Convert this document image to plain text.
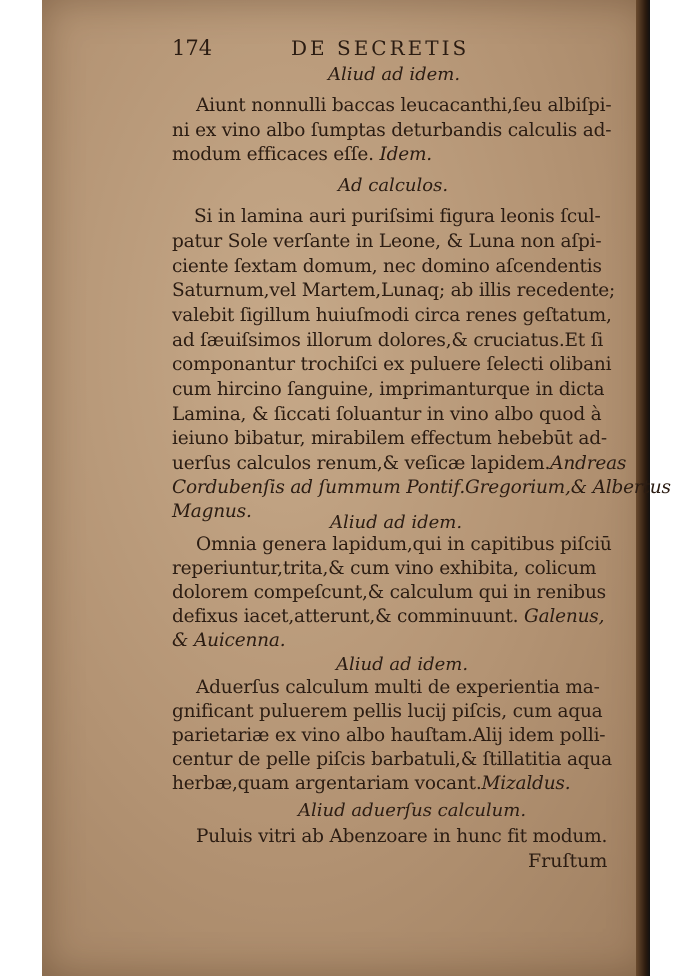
174	DE SECRETIS
Aliud ad idem.
Aiunt nonnulli baccas leucacanthi,ſeu albiſpi-
ni ex vino albo ſumptas deturbandis calculis ad-
modum efficaces eſſe. Idem.
Ad calculos.
Si in lamina auri puriſsimi figura leonis ſcul-
patur Sole verſante in Leone, & Luna non aſpi-
ciente ſextam domum, nec domino aſcendentis
Saturnum,vel Martem,Lunaq; ab illis recedente;
valebit ſigillum huiuſmodi circa renes geſtatum,
ad ſæuiſsimos illorum dolores,& cruciatus.Et ſi
componantur trochiſci ex puluere ſelecti olibani
cum hircino ſanguine, imprimanturque in dicta
Lamina, & ſiccati ſoluantur in vino albo quod à
ieiuno bibatur, mirabilem effectum hebebūt ad-
uerſus calculos renum,& veſicæ lapidem.Andreas
Cordubenſis ad ſummum Pontif.Gregorium,& Albertus
Magnus.
Aliud ad idem.
Omnia genera lapidum,qui in capitibus piſciū
reperiuntur,trita,& cum vino exhibita, colicum
dolorem compeſcunt,& calculum qui in renibus
defixus iacet,atterunt,& comminuunt. Galenus,
& Auicenna.
Aliud ad idem.
Aduerſus calculum multi de experientia ma-
gnificant puluerem pellis lucij piſcis, cum aqua
parietariæ ex vino albo hauſtam.Alij idem polli-
centur de pelle piſcis barbatuli,& ſtillatitia aqua
herbæ,quam argentariam vocant.Mizaldus.
Aliud aduerſus calculum.
Puluis vitri ab Abenzoare in hunc fit modum.
Fruſtum
